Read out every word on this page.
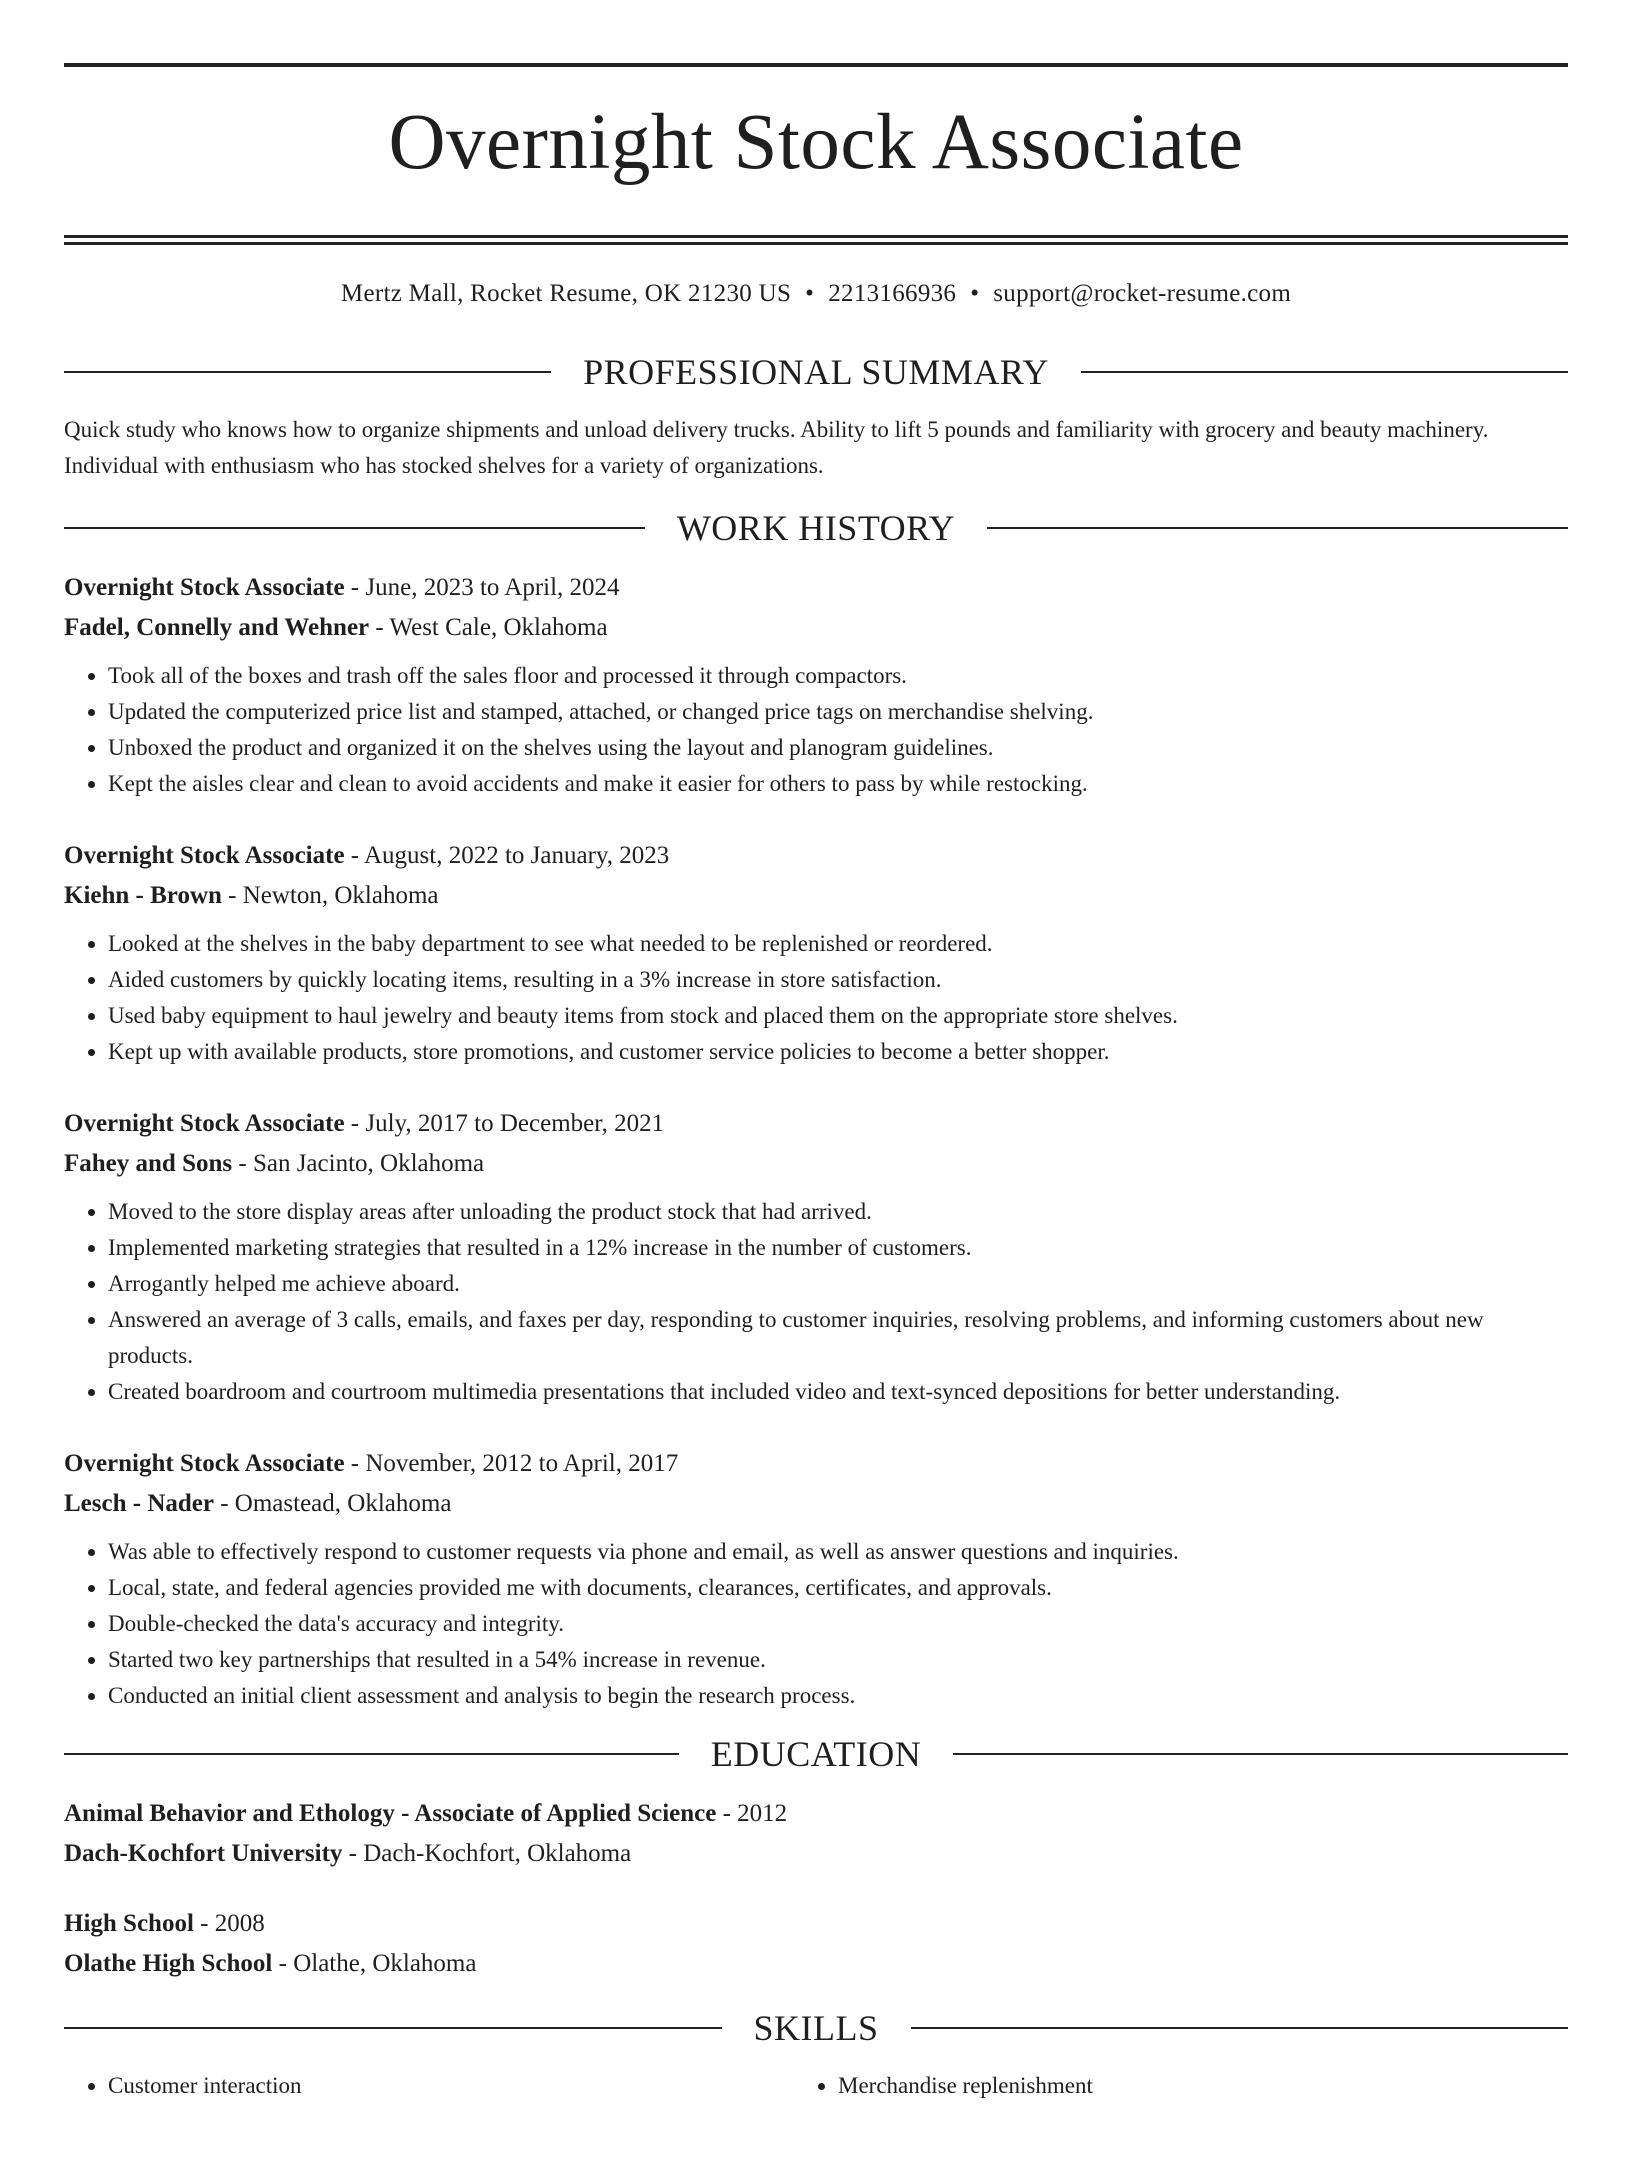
Overnight Stock Associate
Mertz Mall, Rocket Resume, OK 21230 US • 2213166936 • support@rocket-resume.com
PROFESSIONAL SUMMARY

Quick study who knows how to organize shipments and unload delivery trucks. Ability to lift 5 pounds and familiarity with grocery and beauty machinery. Individual with enthusiasm who has stocked shelves for a variety of organizations.

WORK HISTORY
Overnight Stock Associate - June, 2023 to April, 2024
Fadel, Connelly and Wehner - West Cale, Oklahoma
• Took all of the boxes and trash off the sales floor and processed it through compactors.
• Updated the computerized price list and stamped, attached, or changed price tags on merchandise shelving.
• Unboxed the product and organized it on the shelves using the layout and planogram guidelines.
• Kept the aisles clear and clean to avoid accidents and make it easier for others to pass by while restocking.
Overnight Stock Associate - August, 2022 to January, 2023
Kiehn - Brown - Newton, Oklahoma
• Looked at the shelves in the baby department to see what needed to be replenished or reordered.
• Aided customers by quickly locating items, resulting in a 3% increase in store satisfaction.
• Used baby equipment to haul jewelry and beauty items from stock and placed them on the appropriate store shelves.
• Kept up with available products, store promotions, and customer service policies to become a better shopper.
Overnight Stock Associate - July, 2017 to December, 2021
Fahey and Sons - San Jacinto, Oklahoma
• Moved to the store display areas after unloading the product stock that had arrived.
• Implemented marketing strategies that resulted in a 12% increase in the number of customers.
• Arrogantly helped me achieve aboard.
• Answered an average of 3 calls, emails, and faxes per day, responding to customer inquiries, resolving problems, and informing customers about new products.
• Created boardroom and courtroom multimedia presentations that included video and text-synced depositions for better understanding.
Overnight Stock Associate - November, 2012 to April, 2017
Lesch - Nader - Omastead, Oklahoma
• Was able to effectively respond to customer requests via phone and email, as well as answer questions and inquiries.
• Local, state, and federal agencies provided me with documents, clearances, certificates, and approvals.
• Double-checked the data's accuracy and integrity.
• Started two key partnerships that resulted in a 54% increase in revenue.
• Conducted an initial client assessment and analysis to begin the research process.
EDUCATION
Animal Behavior and Ethology - Associate of Applied Science - 2012
Dach-Kochfort University - Dach-Kochfort, Oklahoma
High School - 2008
Olathe High School - Olathe, Oklahoma
SKILLS
• Customer interaction
•	Merchandise replenishment
